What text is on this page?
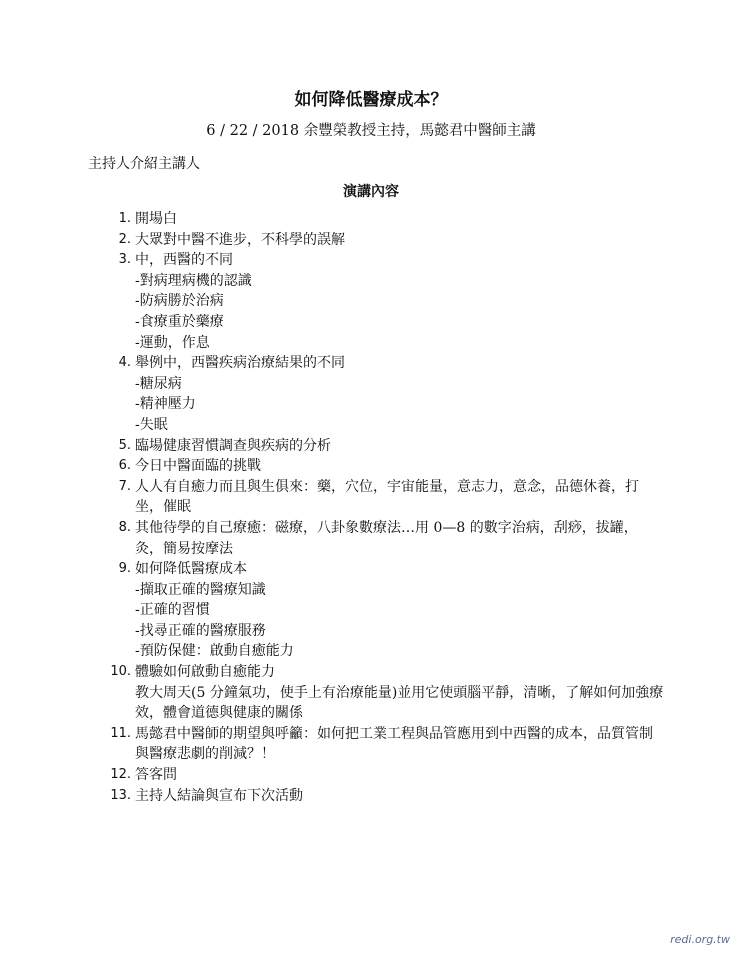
如何降低醫療成本？
6 / 22 / 2018 余豐榮教授主持，馬懿君中醫師主講
主持人介紹主講人
演講內容
1. 開場白
2. 大眾對中醫不進步，不科學的誤解
3. 中，西醫的不同
-對病理病機的認識
-防病勝於治病
-食療重於藥療
-運動，作息
4. 舉例中，西醫疾病治療結果的不同
-糖尿病
-精神壓力
-失眠
5. 臨場健康習慣調查與疾病的分析
6. 今日中醫面臨的挑戰
7. 人人有自癒力而且與生俱來：藥，穴位，宇宙能量，意志力，意念，品德休養，打坐，催眠
8. 其他待學的自己療癒：磁療，八卦象數療法…用 0—8 的數字治病，刮痧，拔罐，灸，簡易按摩法
9. 如何降低醫療成本
-擷取正確的醫療知識
-正確的習慣
-找尋正確的醫療服務
-預防保健：啟動自癒能力
10. 體驗如何啟動自癒能力
教大周天(5 分鐘氣功，使手上有治療能量)並用它使頭腦平靜，清晰，了解如何加強療效，體會道德與健康的關係
11. 馬懿君中醫師的期望與呼籲：如何把工業工程與品管應用到中西醫的成本，品質管制與醫療悲劇的削減？！
12. 答客問
13. 主持人結論與宣布下次活動
redi.org.tw
